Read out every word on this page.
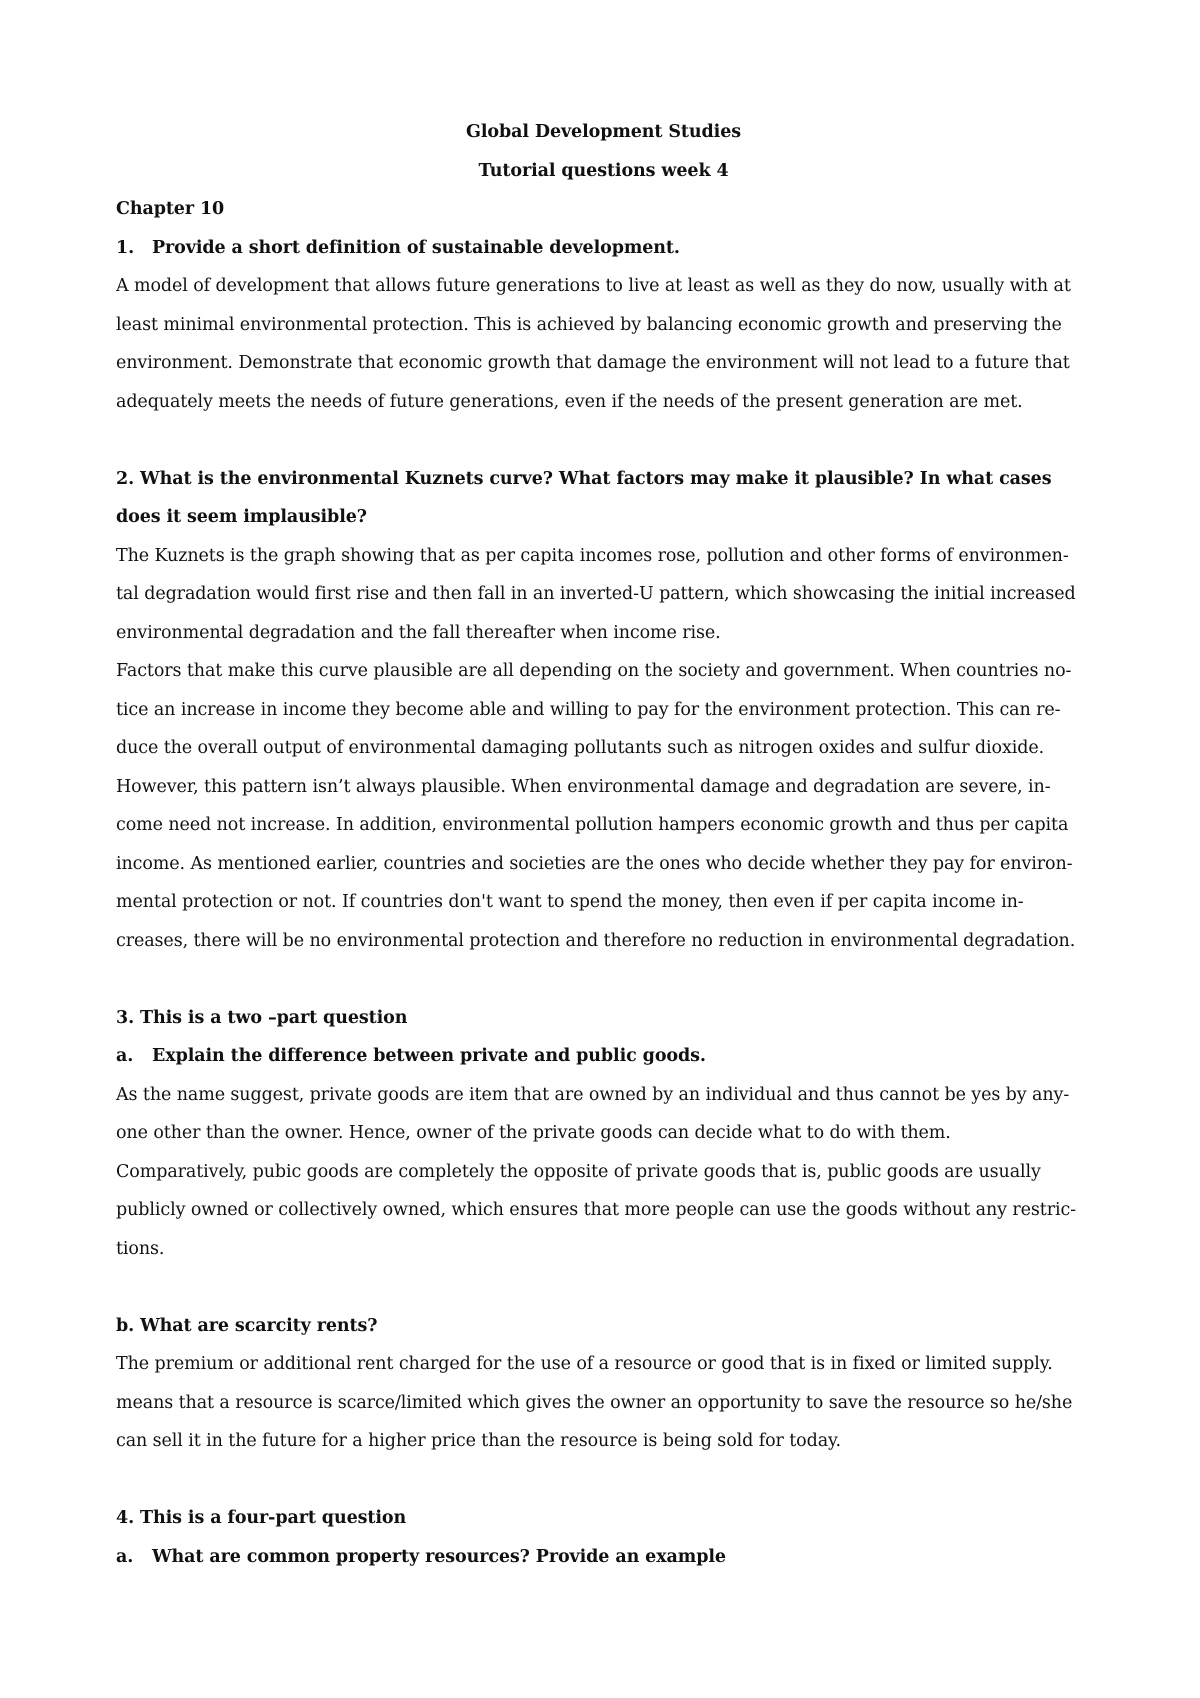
Global Development Studies
Tutorial questions week 4
Chapter 10
1. Provide a short definition of sustainable development.
A model of development that allows future generations to live at least as well as they do now, usually with at
least minimal environmental protection. This is achieved by balancing economic growth and preserving the
environment. Demonstrate that economic growth that damage the environment will not lead to a future that
adequately meets the needs of future generations, even if the needs of the present generation are met.
2. What is the environmental Kuznets curve? What factors may make it plausible? In what cases
does it seem implausible?
The Kuznets is the graph showing that as per capita incomes rose, pollution and other forms of environmen-
tal degradation would first rise and then fall in an inverted-U pattern, which showcasing the initial increased
environmental degradation and the fall thereafter when income rise.
Factors that make this curve plausible are all depending on the society and government. When countries no-
tice an increase in income they become able and willing to pay for the environment protection. This can re-
duce the overall output of environmental damaging pollutants such as nitrogen oxides and sulfur dioxide.
However, this pattern isn’t always plausible. When environmental damage and degradation are severe, in-
come need not increase. In addition, environmental pollution hampers economic growth and thus per capita
income. As mentioned earlier, countries and societies are the ones who decide whether they pay for environ-
mental protection or not. If countries don't want to spend the money, then even if per capita income in-
creases, there will be no environmental protection and therefore no reduction in environmental degradation.
3. This is a two –part question
a. Explain the difference between private and public goods.
As the name suggest, private goods are item that are owned by an individual and thus cannot be yes by any-
one other than the owner. Hence, owner of the private goods can decide what to do with them.
Comparatively, pubic goods are completely the opposite of private goods that is, public goods are usually
publicly owned or collectively owned, which ensures that more people can use the goods without any restric-
tions.
b. What are scarcity rents?
The premium or additional rent charged for the use of a resource or good that is in fixed or limited supply.
means that a resource is scarce/limited which gives the owner an opportunity to save the resource so he/she
can sell it in the future for a higher price than the resource is being sold for today.
4. This is a four-part question
a. What are common property resources? Provide an example
